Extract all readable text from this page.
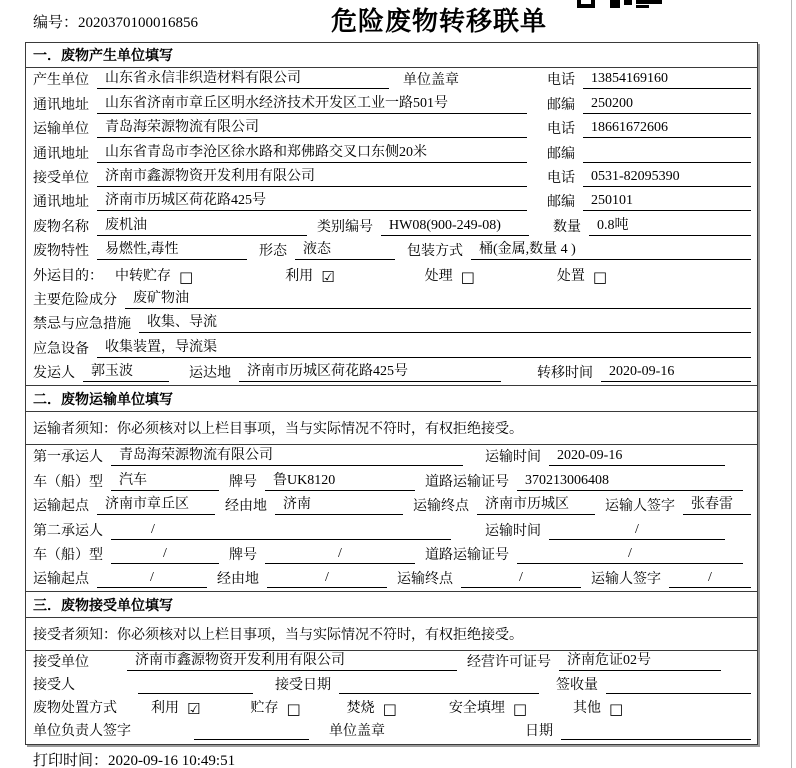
编号：2020370100016856	危险废物转移联单
一．废物产生单位填写
产生单位	山东省永信非织造材料有限公司	单位盖章	电话	13854169160
通讯地址	山东省济南市章丘区明水经济技术开发区工业一路501号	邮编	250200
运输单位	青岛海荣源物流有限公司	电话	18661672606
通讯地址	山东省青岛市李沧区徐水路和郑佛路交叉口东侧20米	邮编
接受单位	济南市鑫源物资开发利用有限公司	电话	0531-82095390
通讯地址	济南市历城区荷花路425号	邮编	250101
废物名称	废机油	类别编号	HW08(900-249-08)	数量	0.8吨
废物特性	易燃性,毒性	形态	液态	包装方式	桶(金属,数量 4 )
外运目的： 中转贮存 □	利用 ☑	处理 □	处置 □
主要危险成分	废矿物油
禁忌与应急措施	收集、导流
应急设备	收集装置，导流渠
发运人	郭玉波	运达地	济南市历城区荷花路425号	转移时间	2020-09-16
二．废物运输单位填写
运输者须知：你必须核对以上栏目事项，当与实际情况不符时，有权拒绝接受。
第一承运人	青岛海荣源物流有限公司	运输时间	2020-09-16
车（船）型	汽车	牌号	鲁UK8120	道路运输证号	370213006408
运输起点	济南市章丘区	经由地	济南	运输终点	济南市历城区	运输人签字	张春雷
第二承运人	/	运输时间	/
车（船）型	/	牌号	/	道路运输证号	/
运输起点	/	经由地	/	运输终点	/	运输人签字	/
三．废物接受单位填写
接受者须知：你必须核对以上栏目事项，当与实际情况不符时，有权拒绝接受。
接受单位	济南市鑫源物资开发利用有限公司	经营许可证号	济南危证02号
接受人	接受日期	签收量
废物处置方式 利用 ☑	贮存 □	焚烧 □	安全填埋 □	其他 □
单位负责人签字	单位盖章	日期
打印时间：2020-09-16 10:49:51
